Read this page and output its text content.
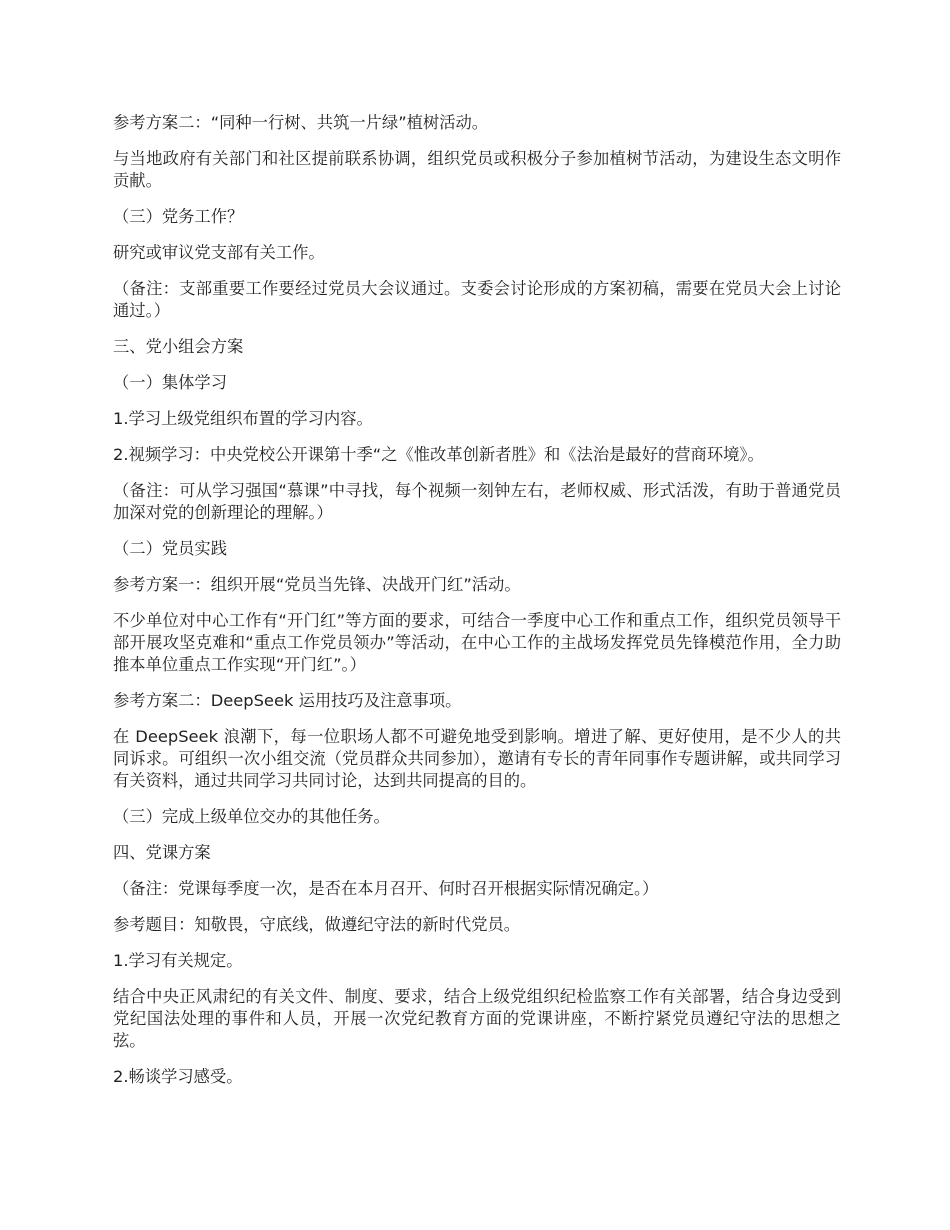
参考方案二：“同种一行树、共筑一片绿”植树活动。

与当地政府有关部门和社区提前联系协调，组织党员或积极分子参加植树节活动，为建设生态文明作贡献。

（三）党务工作？

研究或审议党支部有关工作。

（备注：支部重要工作要经过党员大会议通过。支委会讨论形成的方案初稿，需要在党员大会上讨论通过。）

三、党小组会方案

（一）集体学习

1.学习上级党组织布置的学习内容。

2.视频学习：中央党校公开课第十季“之《惟改革创新者胜》和《法治是最好的营商环境》。

（备注：可从学习强国“慕课”中寻找，每个视频一刻钟左右，老师权威、形式活泼，有助于普通党员加深对党的创新理论的理解。）

（二）党员实践

参考方案一：组织开展“党员当先锋、决战开门红”活动。

不少单位对中心工作有“开门红”等方面的要求，可结合一季度中心工作和重点工作，组织党员领导干部开展攻坚克难和“重点工作党员领办”等活动，在中心工作的主战场发挥党员先锋模范作用，全力助推本单位重点工作实现“开门红”。）

参考方案二：DeepSeek 运用技巧及注意事项。

在 DeepSeek 浪潮下，每一位职场人都不可避免地受到影响。增进了解、更好使用，是不少人的共同诉求。可组织一次小组交流（党员群众共同参加），邀请有专长的青年同事作专题讲解，或共同学习有关资料，通过共同学习共同讨论，达到共同提高的目的。

（三）完成上级单位交办的其他任务。

四、党课方案

（备注：党课每季度一次，是否在本月召开、何时召开根据实际情况确定。）

参考题目：知敬畏，守底线，做遵纪守法的新时代党员。

1.学习有关规定。

结合中央正风肃纪的有关文件、制度、要求，结合上级党组织纪检监察工作有关部署，结合身边受到党纪国法处理的事件和人员，开展一次党纪教育方面的党课讲座，不断拧紧党员遵纪守法的思想之弦。

2.畅谈学习感受。
